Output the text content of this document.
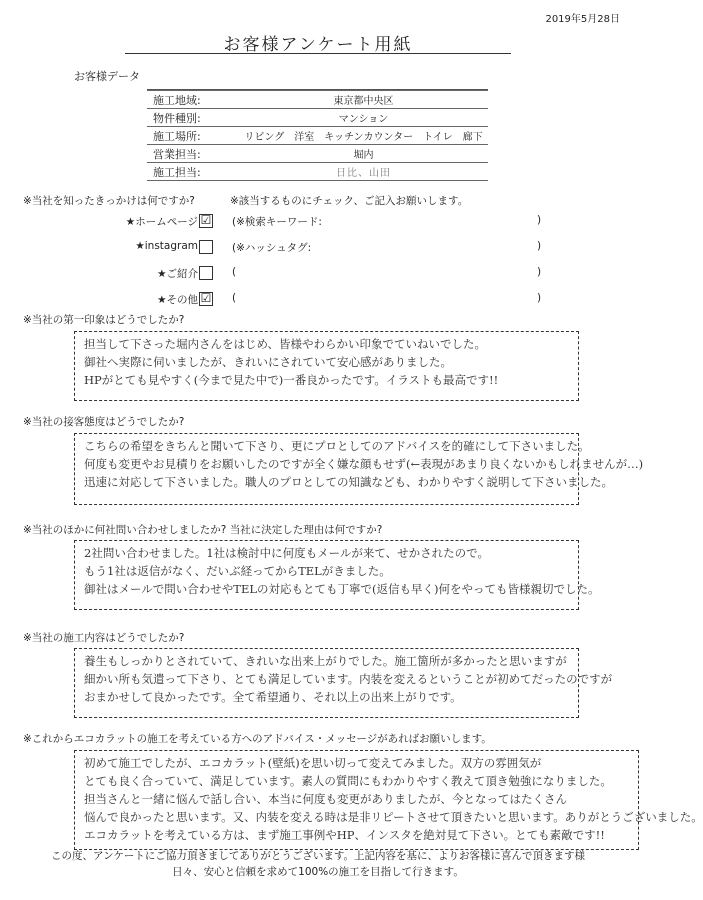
2019年5月28日
お客様アンケート用紙
お客様データ
施工地域:	東京都中央区
物件種別:	マンション
施工場所:	リビング　洋室　キッチンカウンター　トイレ　廊下
営業担当:	堀内
施工担当:	日比、山田
※当社を知ったきっかけは何ですか?	※該当するものにチェック、ご記入お願いします。
★ホームページ ☑ (※検索キーワード:	)
★instagram	(※ハッシュタグ:	)
★ご紹介	(	)
★その他 ☑ (	)
※当社の第一印象はどうでしたか?
担当して下さった堀内さんをはじめ、皆様やわらかい印象でていねいでした。
御社へ実際に伺いましたが、きれいにされていて安心感がありました。
HPがとても見やすく(今まで見た中で)一番良かったです。イラストも最高です!!
※当社の接客態度はどうでしたか?
こちらの希望をきちんと聞いて下さり、更にプロとしてのアドバイスを的確にして下さいました。
何度も変更やお見積りをお願いしたのですが全く嫌な顔もせず(←表現があまり良くないかもしれませんが…)
迅速に対応して下さいました。職人のプロとしての知識なども、わかりやすく説明して下さいました。
※当社のほかに何社問い合わせしましたか? 当社に決定した理由は何ですか?
2社問い合わせました。1社は検討中に何度もメールが来て、せかされたので。
もう1社は返信がなく、だいぶ経ってからTELがきました。
御社はメールで問い合わせやTELの対応もとても丁寧で(返信も早く)何をやっても皆様親切でした。
※当社の施工内容はどうでしたか?
養生もしっかりとされていて、きれいな出来上がりでした。施工箇所が多かったと思いますが
細かい所も気遣って下さり、とても満足しています。内装を変えるということが初めてだったのですが
おまかせして良かったです。全て希望通り、それ以上の出来上がりです。
※これからエコカラットの施工を考えている方へのアドバイス・メッセージがあればお願いします。
初めて施工でしたが、エコカラット(壁紙)を思い切って変えてみました。双方の雰囲気が
とても良く合っていて、満足しています。素人の質問にもわかりやすく教えて頂き勉強になりました。
担当さんと一緒に悩んで話し合い、本当に何度も変更がありましたが、今となってはたくさん
悩んで良かったと思います。又、内装を変える時は是非リピートさせて頂きたいと思います。ありがとうございました。
エコカラットを考えている方は、まず施工事例やHP、インスタを絶対見て下さい。とても素敵です!!
この度、アンケートにご協力頂きましてありがとうございます。上記内容を基に、よりお客様に喜んで頂きます様
日々、安心と信頼を求めて100%の施工を目指して行きます。
